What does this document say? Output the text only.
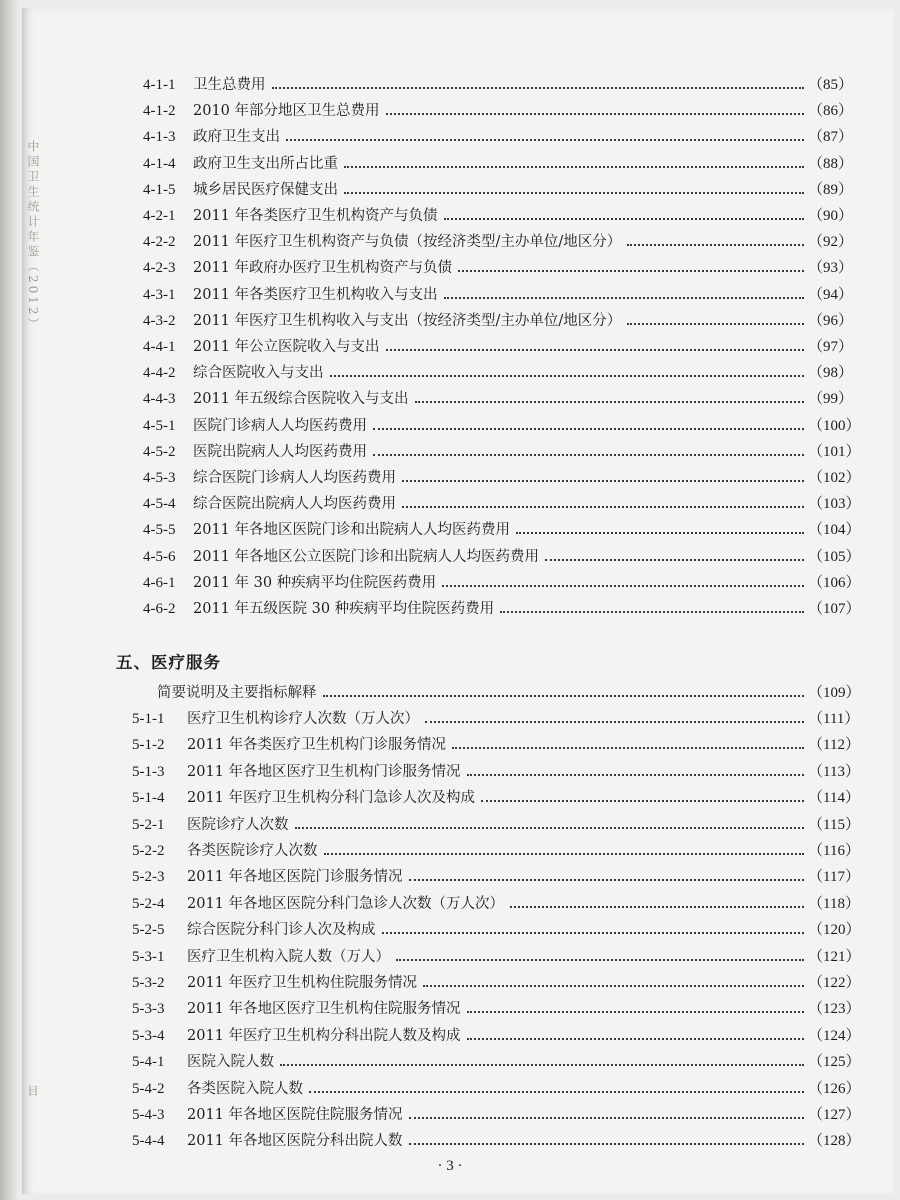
中国卫生统计年鉴（2012）
目
4-1-1 卫生总费用	（85）
4-1-2 2010 年部分地区卫生总费用	（86）
4-1-3 政府卫生支出	（87）
4-1-4 政府卫生支出所占比重	（88）
4-1-5 城乡居民医疗保健支出	（89）
4-2-1 2011 年各类医疗卫生机构资产与负债	（90）
4-2-2 2011 年医疗卫生机构资产与负债（按经济类型/主办单位/地区分）	（92）
4-2-3 2011 年政府办医疗卫生机构资产与负债	（93）
4-3-1 2011 年各类医疗卫生机构收入与支出	（94）
4-3-2 2011 年医疗卫生机构收入与支出（按经济类型/主办单位/地区分）	（96）
4-4-1 2011 年公立医院收入与支出	（97）
4-4-2 综合医院收入与支出	（98）
4-4-3 2011 年五级综合医院收入与支出	（99）
4-5-1 医院门诊病人人均医药费用	（100）
4-5-2 医院出院病人人均医药费用	（101）
4-5-3 综合医院门诊病人人均医药费用	（102）
4-5-4 综合医院出院病人人均医药费用	（103）
4-5-5 2011 年各地区医院门诊和出院病人人均医药费用	（104）
4-5-6 2011 年各地区公立医院门诊和出院病人人均医药费用	（105）
4-6-1 2011 年 30 种疾病平均住院医药费用	（106）
4-6-2 2011 年五级医院 30 种疾病平均住院医药费用	（107）
五、医疗服务
简要说明及主要指标解释	（109）
5-1-1 医疗卫生机构诊疗人次数（万人次）	（111）
5-1-2 2011 年各类医疗卫生机构门诊服务情况	（112）
5-1-3 2011 年各地区医疗卫生机构门诊服务情况	（113）
5-1-4 2011 年医疗卫生机构分科门急诊人次及构成	（114）
5-2-1 医院诊疗人次数	（115）
5-2-2 各类医院诊疗人次数	（116）
5-2-3 2011 年各地区医院门诊服务情况	（117）
5-2-4 2011 年各地区医院分科门急诊人次数（万人次）	（118）
5-2-5 综合医院分科门诊人次及构成	（120）
5-3-1 医疗卫生机构入院人数（万人）	（121）
5-3-2 2011 年医疗卫生机构住院服务情况	（122）
5-3-3 2011 年各地区医疗卫生机构住院服务情况	（123）
5-3-4 2011 年医疗卫生机构分科出院人数及构成	（124）
5-4-1 医院入院人数	（125）
5-4-2 各类医院入院人数	（126）
5-4-3 2011 年各地区医院住院服务情况	（127）
5-4-4 2011 年各地区医院分科出院人数	（128）
· 3 ·
